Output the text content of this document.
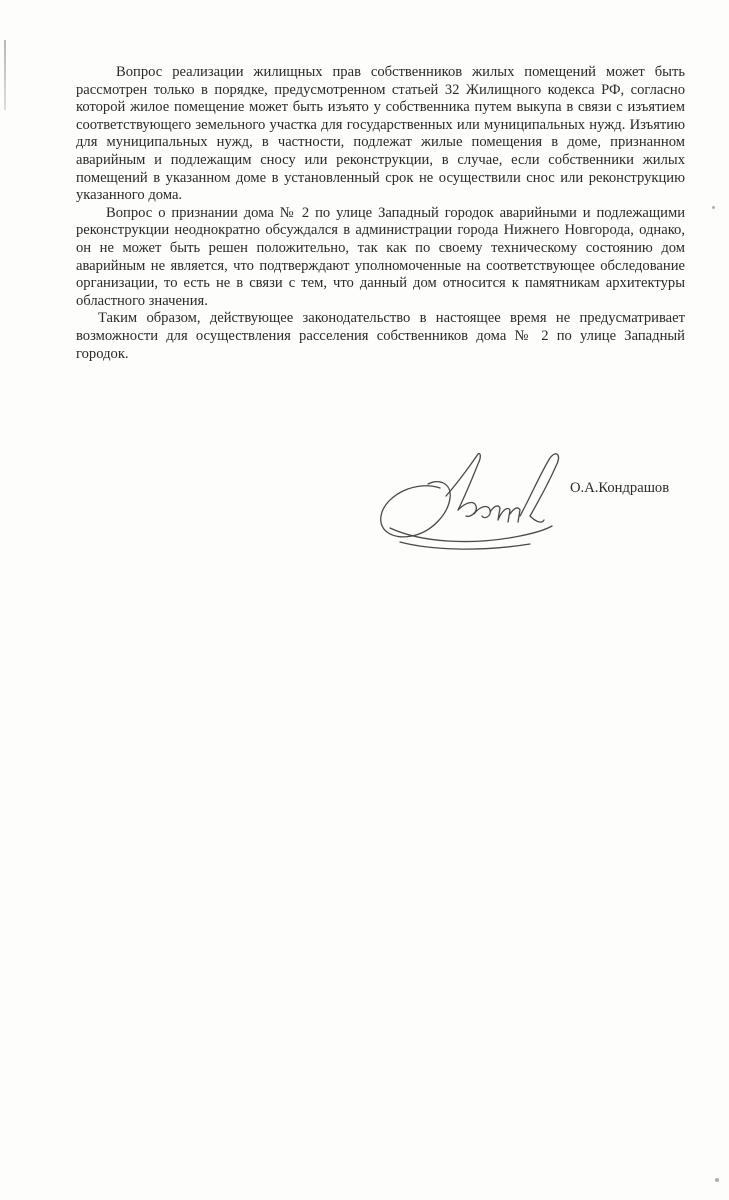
Вопрос реализации жилищных прав собственников жилых помещений может быть рассмотрен только в порядке, предусмотренном статьей 32 Жилищного кодекса РФ, согласно которой жилое помещение может быть изъято у собственника путем выкупа в связи с изъятием соответствующего земельного участка для государственных или муниципальных нужд. Изъятию для муниципальных нужд, в частности, подлежат жилые помещения в доме, признанном аварийным и подлежащим сносу или реконструкции, в случае, если собственники жилых помещений в указанном доме в установленный срок не осуществили снос или реконструкцию указанного дома.

Вопрос о признании дома № 2 по улице Западный городок аварийными и подлежащими реконструкции неоднократно обсуждался в администрации города Нижнего Новгорода, однако, он не может быть решен положительно, так как по своему техническому состоянию дом аварийным не является, что подтверждают уполномоченные на соответствующее обследование организации, то есть не в связи с тем, что данный дом относится к памятникам архитектуры областного значения.

Таким образом, действующее законодательство в настоящее время не предусматривает возможности для осуществления расселения собственников дома № 2 по улице Западный городок.

О.А.Кондрашов
